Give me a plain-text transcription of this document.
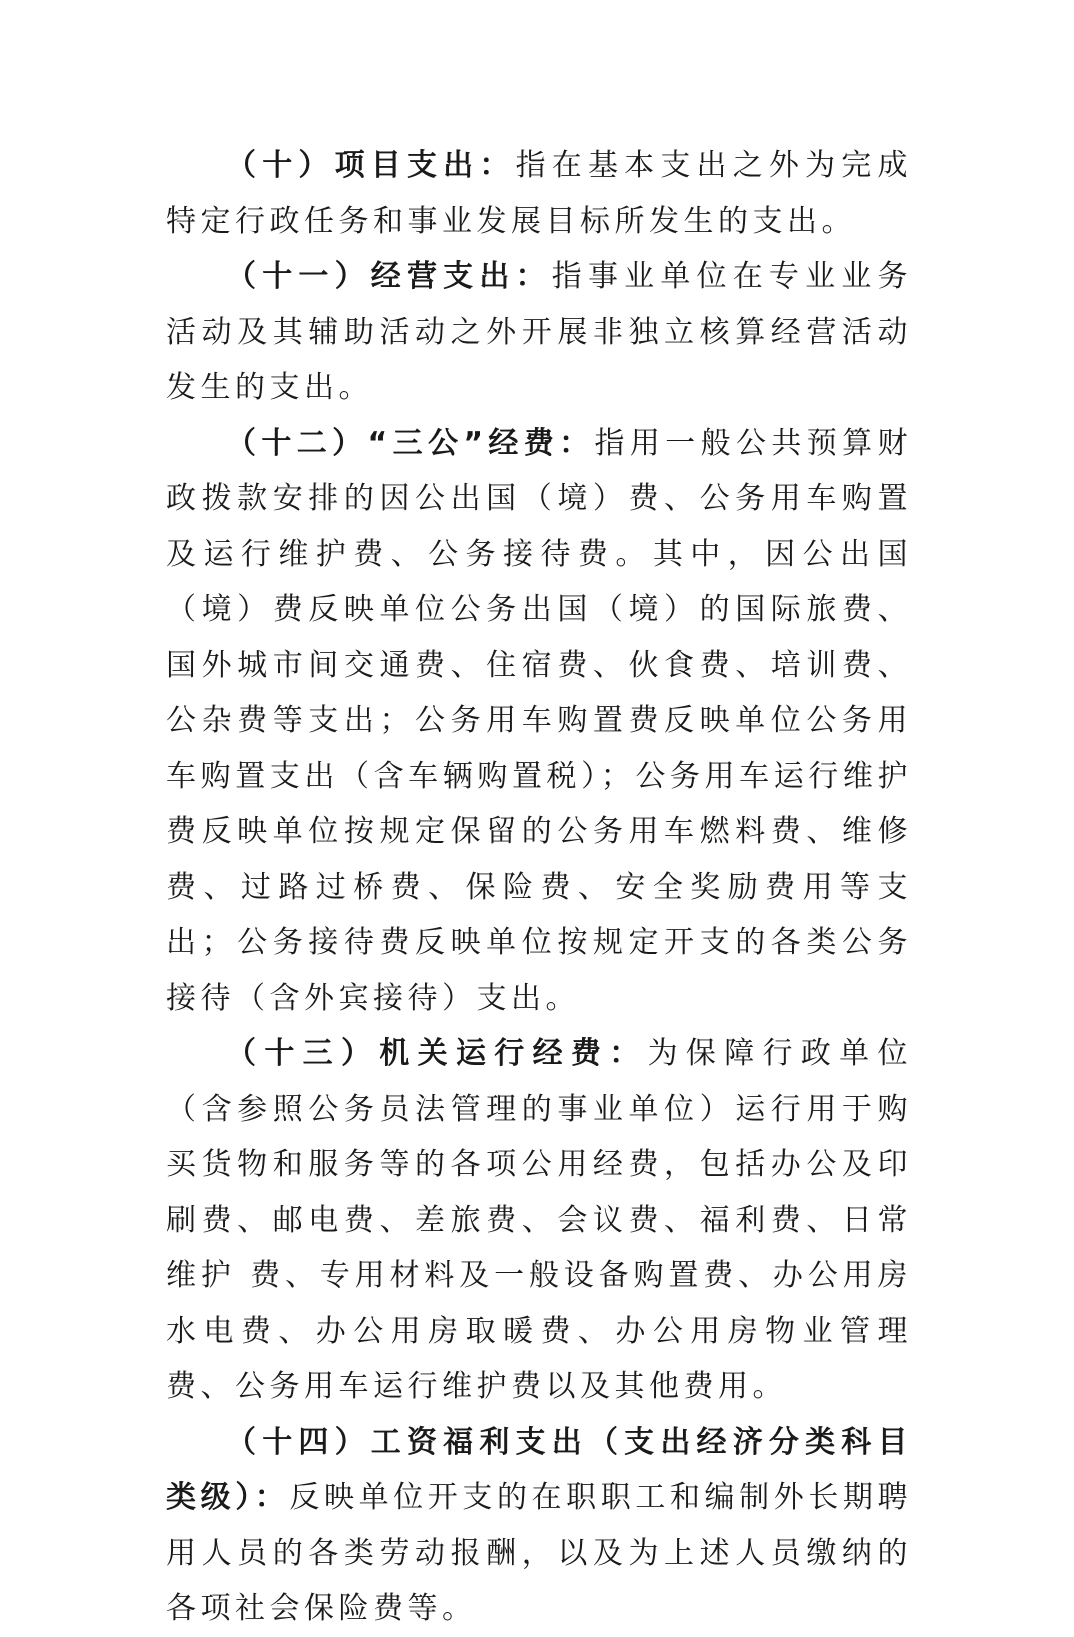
（十）项目支出：指在基本支出之外为完成特定行政任务和事业发展目标所发生的支出。

（十一）经营支出：指事业单位在专业业务活动及其辅助活动之外开展非独立核算经营活动发生的支出。

（十二）“三公”经费：指用一般公共预算财政拨款安排的因公出国（境）费、公务用车购置及运行维护费、公务接待费。其中，因公出国（境）费反映单位公务出国（境）的国际旅费、国外城市间交通费、住宿费、伙食费、培训费、公杂费等支出；公务用车购置费反映单位公务用车购置支出（含车辆购置税）；公务用车运行维护费反映单位按规定保留的公务用车燃料费、维修费、过路过桥费、保险费、安全奖励费用等支出；公务接待费反映单位按规定开支的各类公务接待（含外宾接待）支出。

（十三）机关运行经费：为保障行政单位（含参照公务员法管理的事业单位）运行用于购买货物和服务等的各项公用经费，包括办公及印刷费、邮电费、差旅费、会议费、福利费、日常维护 费、专用材料及一般设备购置费、办公用房水电费、办公用房取暖费、办公用房物业管理费、公务用车运行维护费以及其他费用。

（十四）工资福利支出（支出经济分类科目类级）：反映单位开支的在职职工和编制外长期聘用人员的各类劳动报酬，以及为上述人员缴纳的各项社会保险费等。
